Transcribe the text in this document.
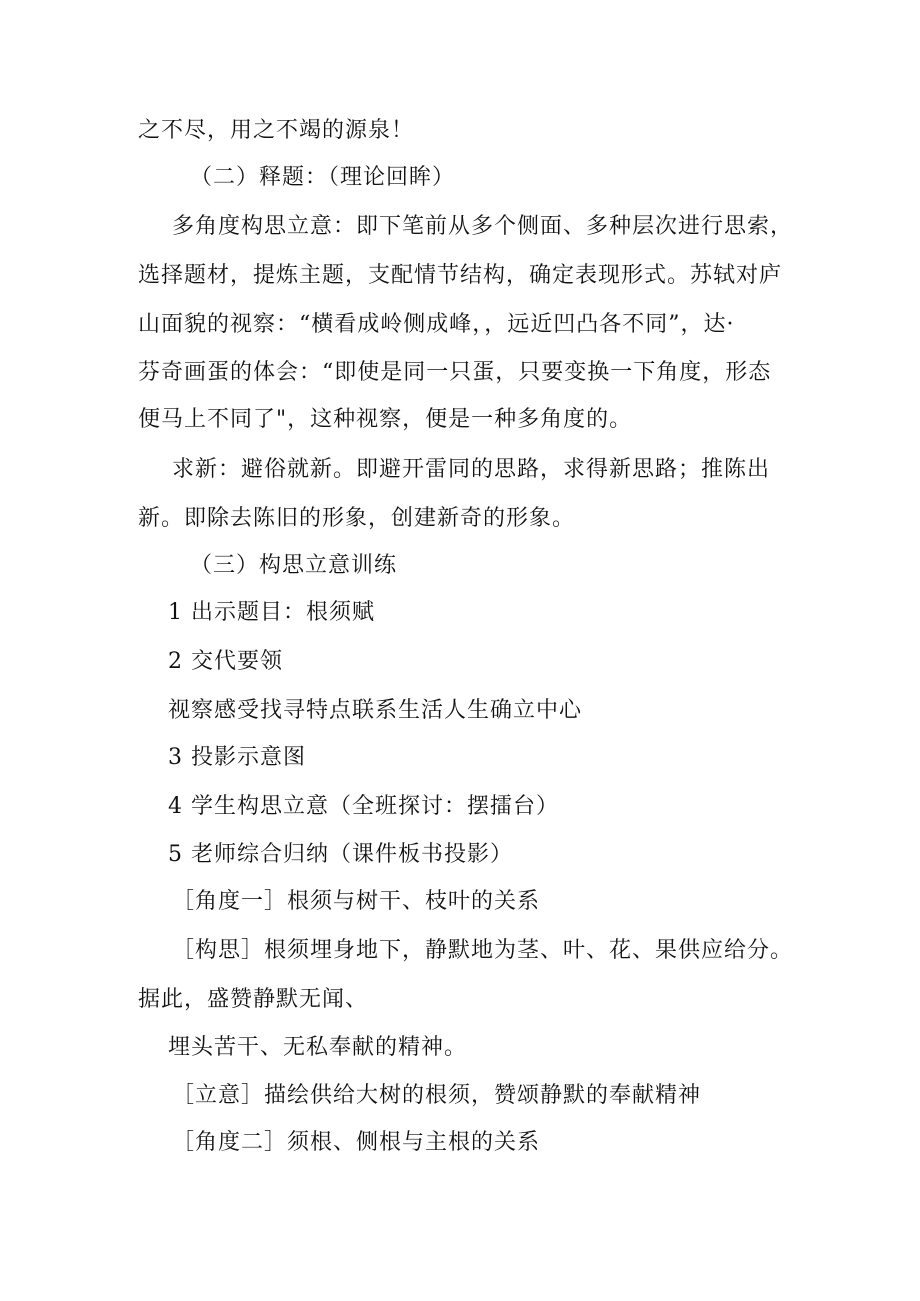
之不尽，用之不竭的源泉！
（二）释题：（理论回眸）
多角度构思立意：即下笔前从多个侧面、多种层次进行思索，
选择题材，提炼主题，支配情节结构，确定表现形式。苏轼对庐
山面貌的视察：“横看成岭侧成峰，，远近凹凸各不同”，达·
芬奇画蛋的体会：“即使是同一只蛋，只要变换一下角度，形态
便马上不同了"，这种视察，便是一种多角度的。
求新：避俗就新。即避开雷同的思路，求得新思路；推陈出
新。即除去陈旧的形象，创建新奇的形象。
（三）构思立意训练
1 出示题目：根须赋
2 交代要领
视察感受找寻特点联系生活人生确立中心
3 投影示意图
4 学生构思立意（全班探讨：摆擂台）
5 老师综合归纳（课件板书投影）
［角度一］根须与树干、枝叶的关系
［构思］根须埋身地下，静默地为茎、叶、花、果供应给分。
据此，盛赞静默无闻、
埋头苦干、无私奉献的精神。
［立意］描绘供给大树的根须，赞颂静默的奉献精神
［角度二］须根、侧根与主根的关系
